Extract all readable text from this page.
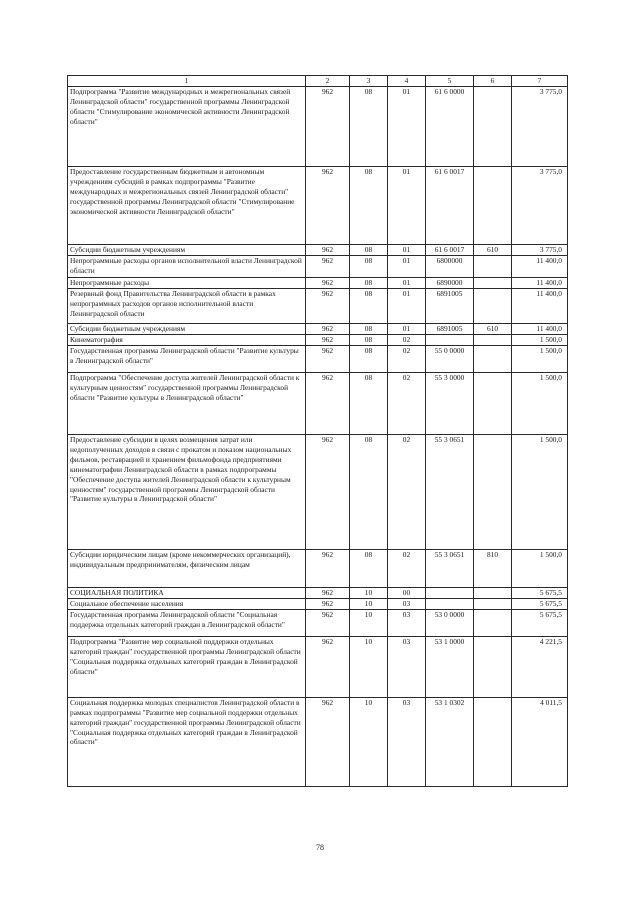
1	2	3	4	5	6	7
Подпрограмма "Развитие международных и межрегиональных связей Ленинградской области" государственной программы Ленинградской области "Стимулирование экономической активности Ленинградской области"	962	08	01	61 6 0000		3 775,0
Предоставление государственным бюджетным и автономным учреждениям субсидий в рамках подпрограммы "Развитие международных и межрегиональных связей Ленинградской области" государственной программы Ленинградской области "Стимулирование экономической активности Ленинградской области"	962	08	01	61 6 0017		3 775,0
Субсидии бюджетным учреждениям	962	08	01	61 6 0017	610	3 775,0
Непрограммные расходы органов исполнительной власти Ленинградской области	962	08	01	6800000		11 400,0
Непрограммные расходы	962	08	01	6890000		11 400,0
Резервный фонд Правительства Ленинградской области в рамках непрограммных расходов органов исполнительной власти Ленинградской области	962	08	01	6891005		11 400,0
Субсидии бюджетным учреждениям	962	08	01	6891005	610	11 400,0
Кинематография	962	08	02			1 500,0
Государственная программа Ленинградской области "Развитие культуры в Ленинградской области"	962	08	02	55 0 0000		1 500,0
Подпрограмма "Обеспечение доступа жителей Ленинградской области к культурным ценностям" государственной программы Ленинградской области "Развитие культуры в Ленинградской области"	962	08	02	55 3 0000		1 500,0
Предоставление субсидии в целях возмещения затрат или недополученных доходов в связи с прокатом и показом национальных фильмов, реставрацией и хранением фильмофонда предприятиями кинематографии Ленинградской области в рамках подпрограммы "Обеспечение доступа жителей Ленинградской области к культурным ценностям" государственной программы Ленинградской области "Развитие культуры в Ленинградской области"	962	08	02	55 3 0651		1 500,0
Субсидии юридическим лицам (кроме некоммерческих организаций), индивидуальным предпринимателям, физическим лицам	962	08	02	55 3 0651	810	1 500,0
СОЦИАЛЬНАЯ ПОЛИТИКА	962	10	00			5 675,5
Социальное обеспечение населения	962	10	03			5 675,5
Государственная программа Ленинградской области "Социальная поддержка отдельных категорий граждан в Ленинградской области"	962	10	03	53 0 0000		5 675,5
Подпрограмма "Развитие мер социальной поддержки отдельных категорий граждан" государственной программы Ленинградской области "Социальная поддержка отдельных категорий граждан в Ленинградской области"	962	10	03	53 1 0000		4 221,5
Социальная поддержка молодых специалистов Ленинградской области в рамках подпрограммы "Развитие мер социальной поддержки отдельных категорий граждан" государственной программы Ленинградской области "Социальная поддержка отдельных категорий граждан в Ленинградской области"	962	10	03	53 1 0302		4 011,5
78
